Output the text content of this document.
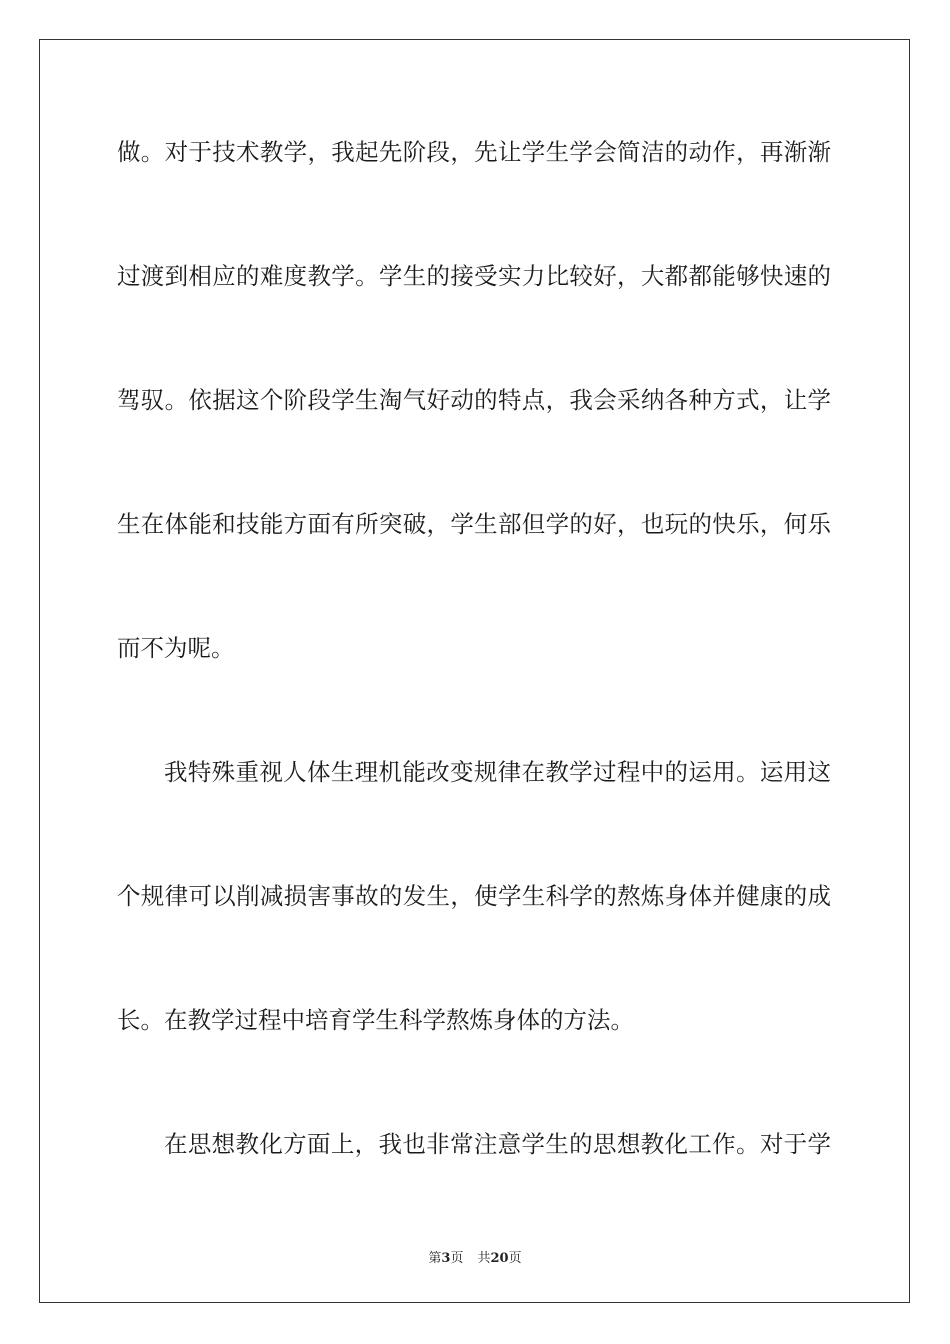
做。对于技术教学，我起先阶段，先让学生学会简洁的动作，再渐渐
过渡到相应的难度教学。学生的接受实力比较好，大都都能够快速的
驾驭。依据这个阶段学生淘气好动的特点，我会采纳各种方式，让学
生在体能和技能方面有所突破，学生部但学的好，也玩的快乐，何乐
而不为呢。
我特殊重视人体生理机能改变规律在教学过程中的运用。运用这
个规律可以削减损害事故的发生，使学生科学的熬炼身体并健康的成
长。在教学过程中培育学生科学熬炼身体的方法。
在思想教化方面上，我也非常注意学生的思想教化工作。对于学
第3页 共20页
